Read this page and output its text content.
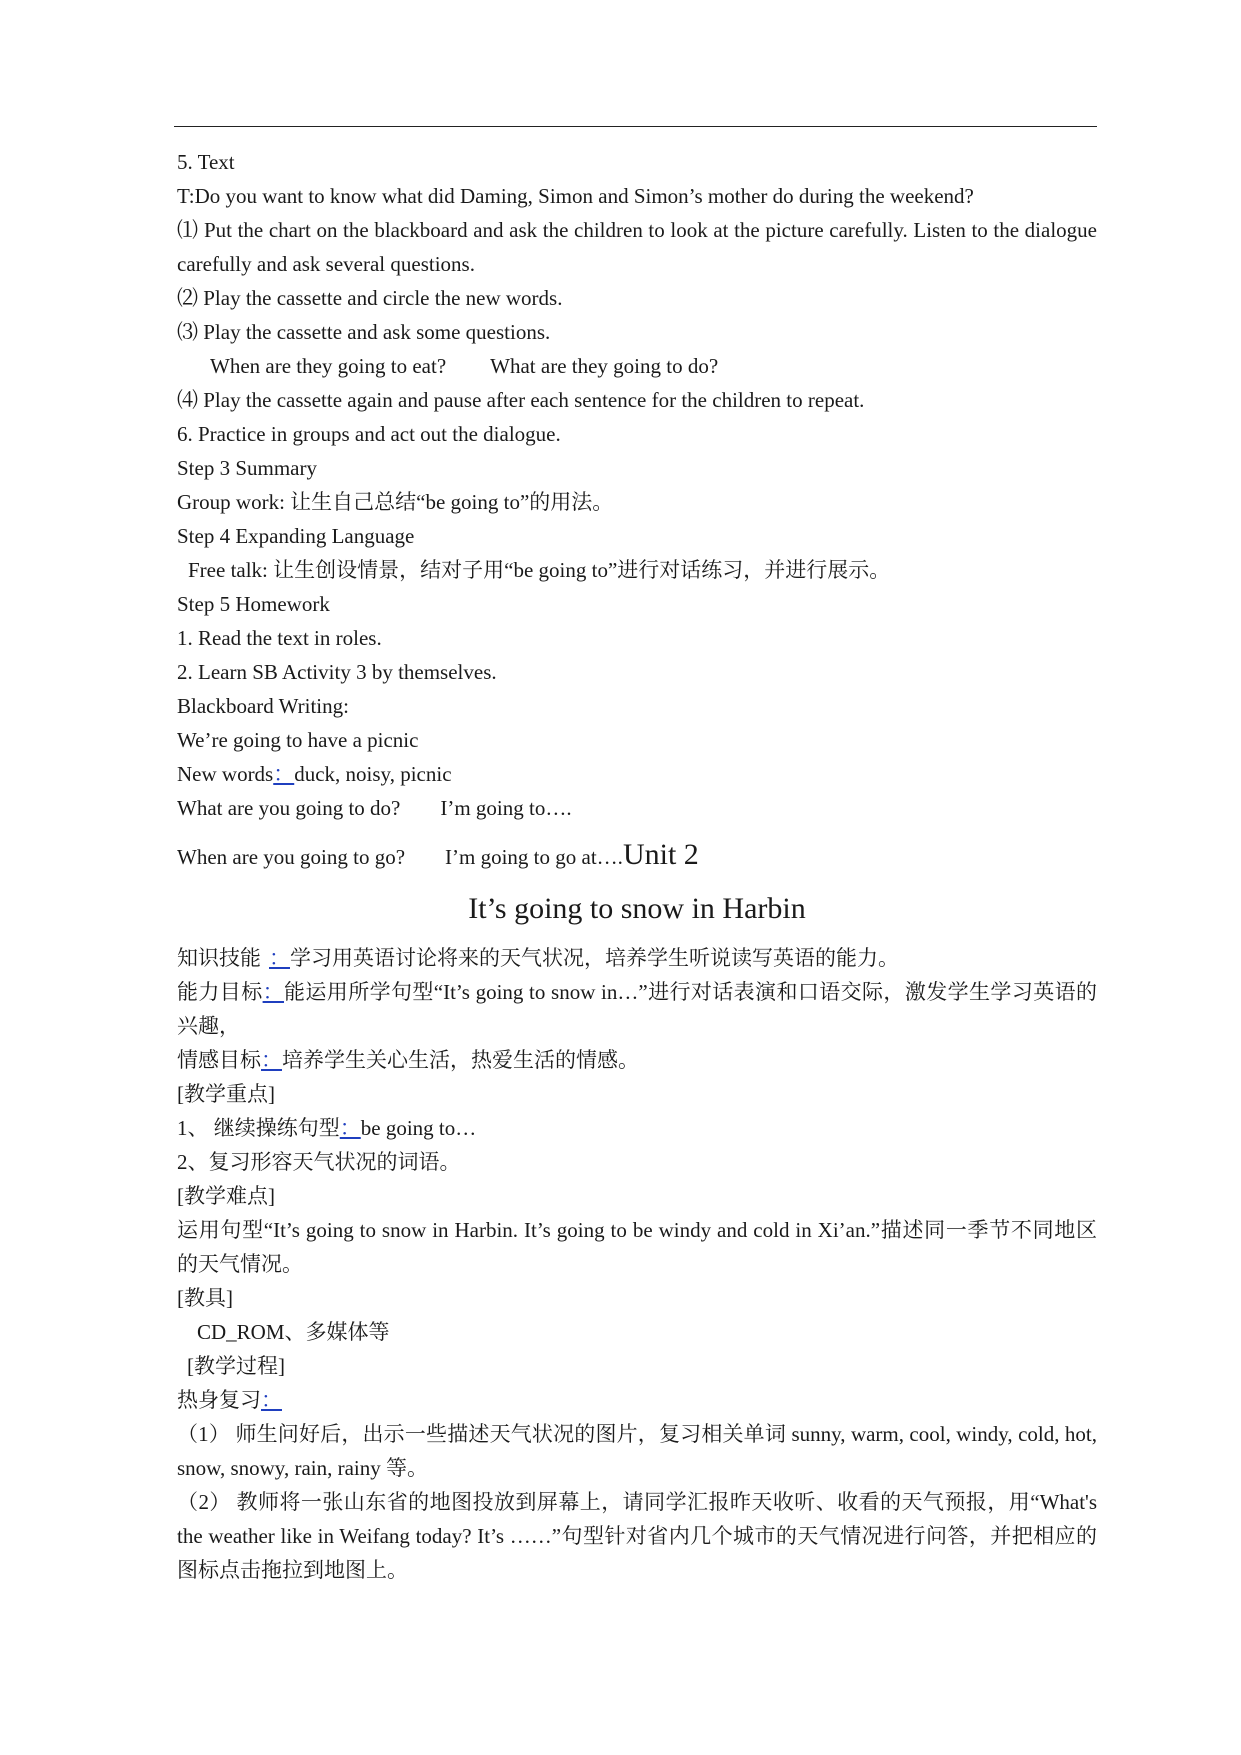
5. Text
T:Do you want to know what did Daming, Simon and Simon’s mother do during the weekend?
⑴ Put the chart on the blackboard and ask the children to look at the picture carefully. Listen to the dialogue carefully and ask several questions.
⑵ Play the cassette and circle the new words.
⑶ Play the cassette and ask some questions.
When are they going to eat? What are they going to do?
⑷ Play the cassette again and pause after each sentence for the children to repeat.
6. Practice in groups and act out the dialogue.
Step 3 Summary
Group work: 让生自己总结“be going to”的用法。
Step 4 Expanding Language
Free talk: 让生创设情景，结对子用“be going to”进行对话练习，并进行展示。
Step 5 Homework
1. Read the text in roles.
2. Learn SB Activity 3 by themselves.
Blackboard Writing:
We’re going to have a picnic
New words：duck, noisy, picnic
What are you going to do? I’m going to….
When are you going to go? I’m going to go at….Unit 2
It’s going to snow in Harbin
知识技能 ：学习用英语讨论将来的天气状况，培养学生听说读写英语的能力。
能力目标：能运用所学句型“It’s going to snow in…”进行对话表演和口语交际，激发学生学习英语的兴趣，
情感目标：培养学生关心生活，热爱生活的情感。
[教学重点]
1、 继续操练句型：be going to…
2、复习形容天气状况的词语。
[教学难点]
运用句型“It’s going to snow in Harbin. It’s going to be windy and cold in Xi’an.”描述同一季节不同地区的天气情况。
[教具]
CD_ROM、多媒体等
[教学过程]
热身复习：
（1） 师生问好后，出示一些描述天气状况的图片，复习相关单词 sunny, warm, cool, windy, cold, hot, snow, snowy, rain, rainy 等。
（2） 教师将一张山东省的地图投放到屏幕上，请同学汇报昨天收听、收看的天气预报，用“What's the weather like in Weifang today? It’s ……”句型针对省内几个城市的天气情况进行问答，并把相应的图标点击拖拉到地图上。
